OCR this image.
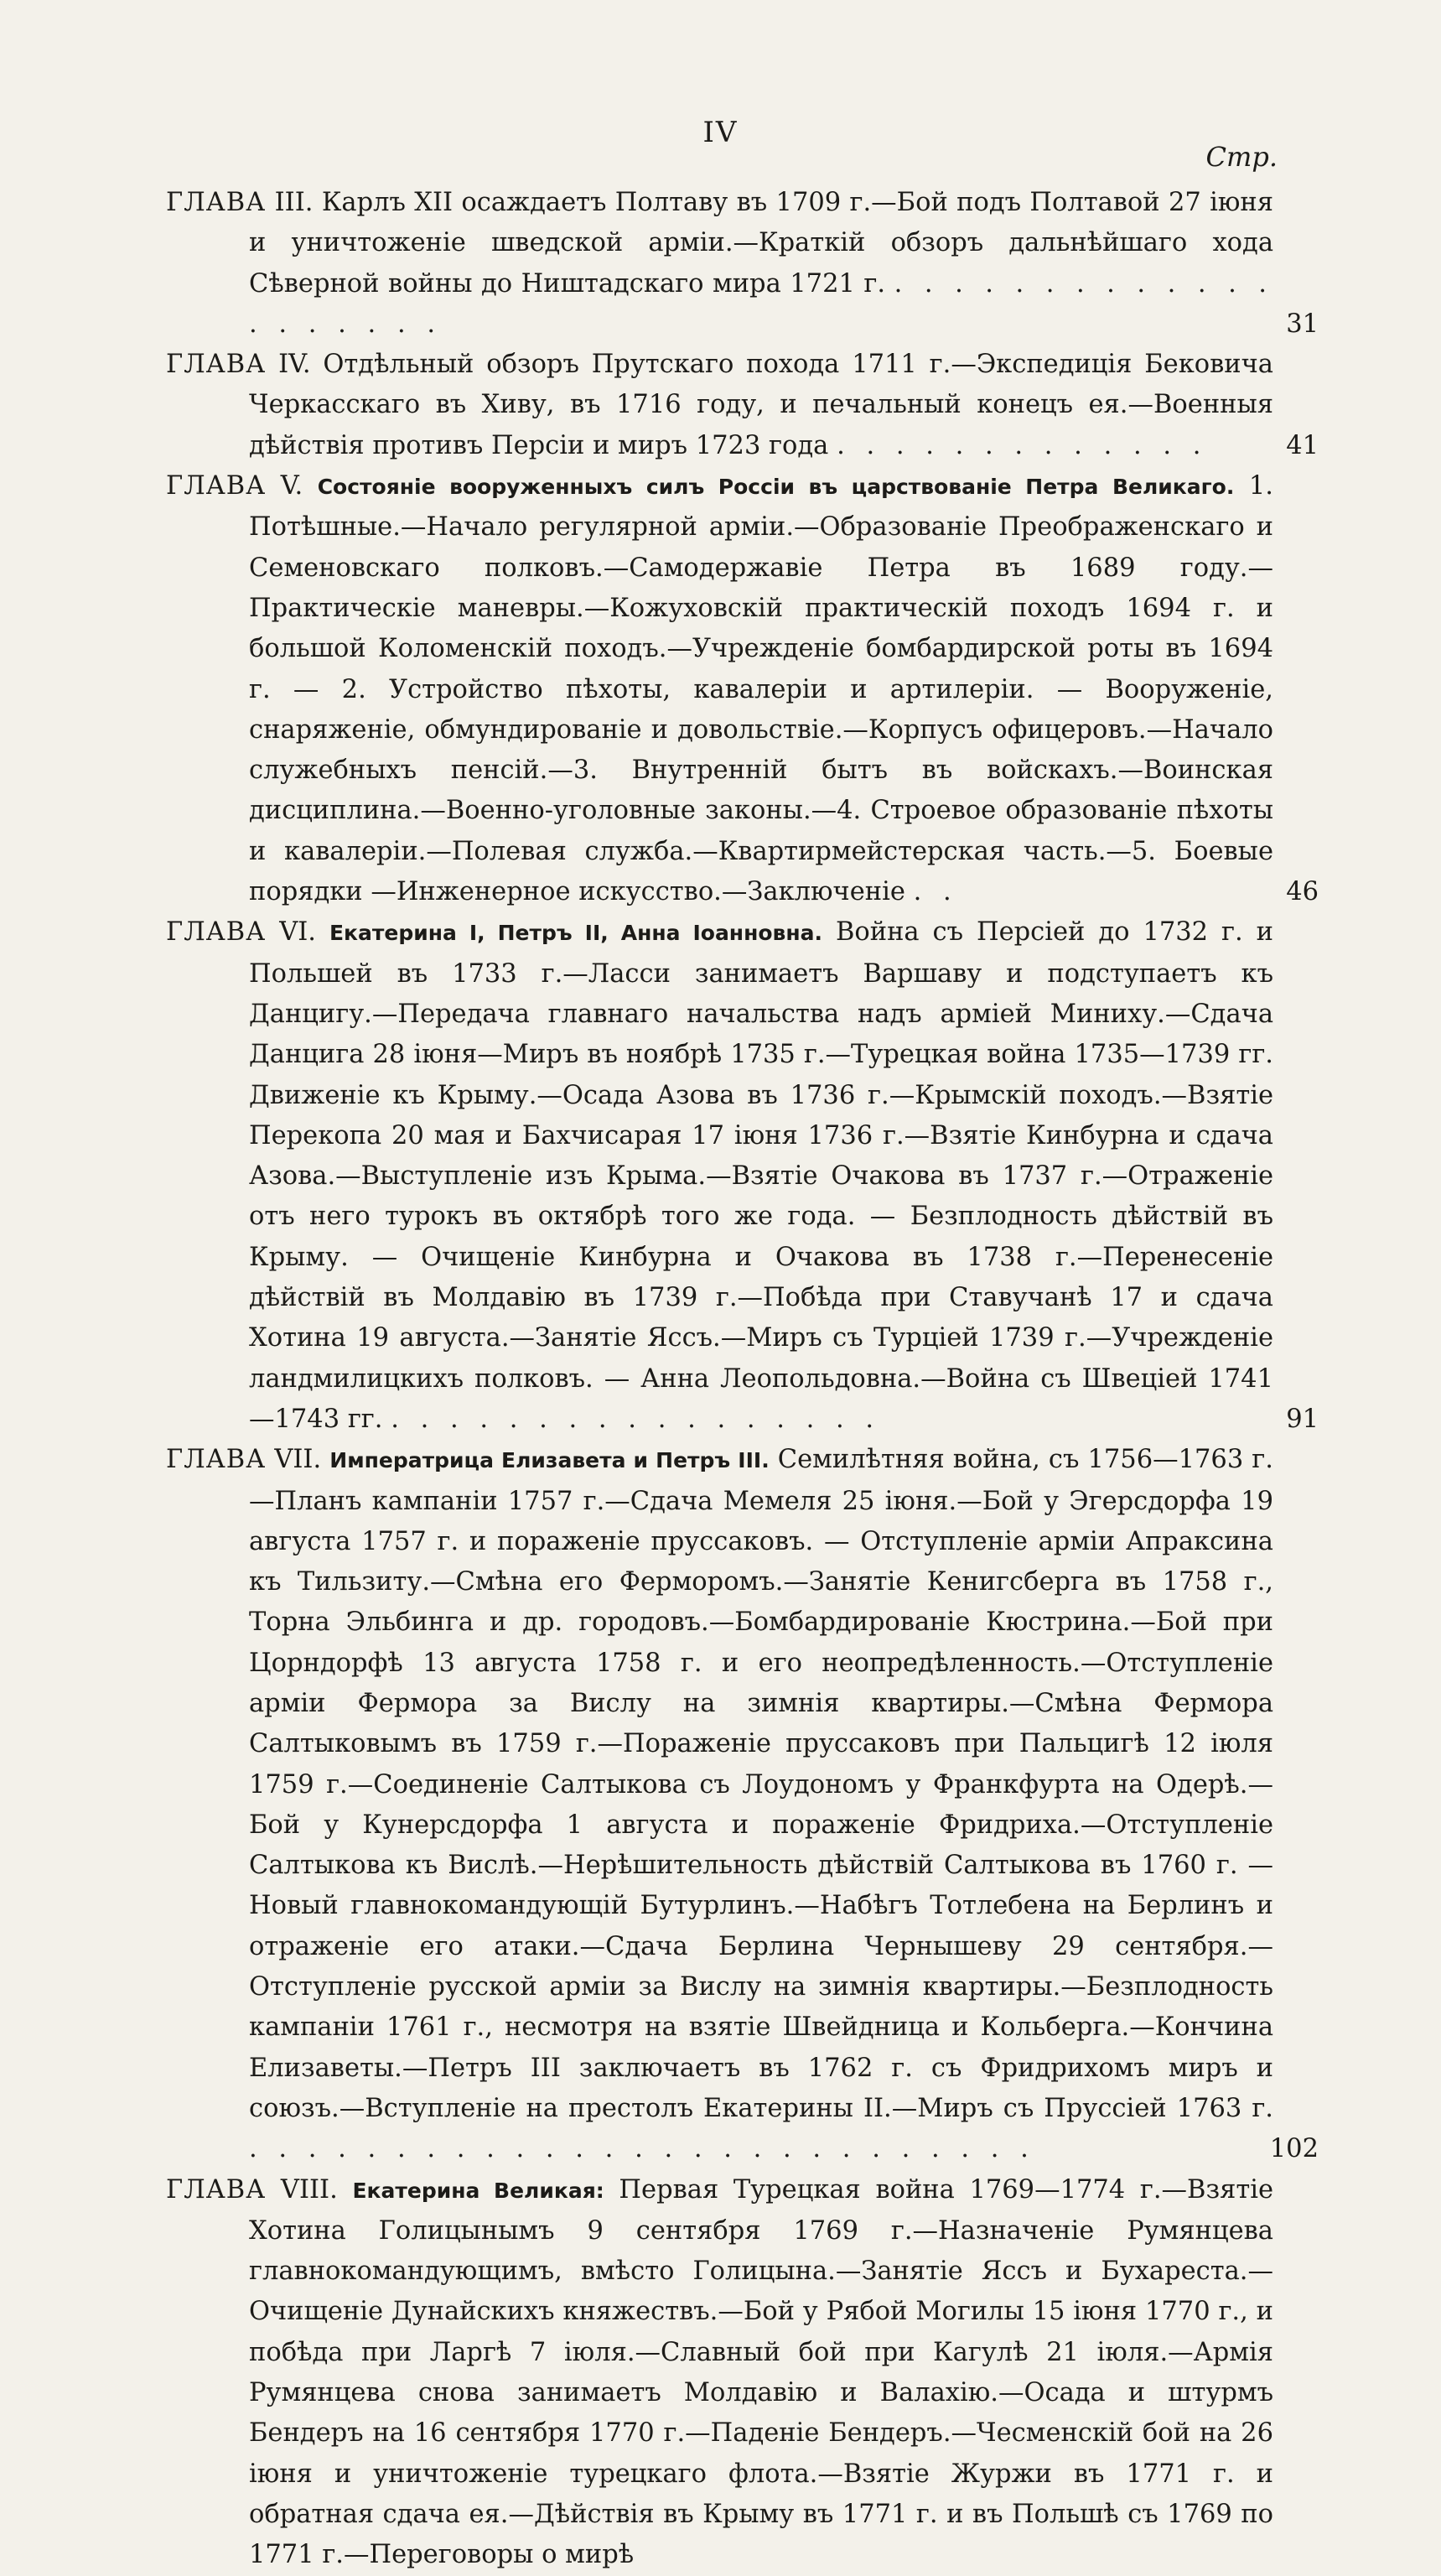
IV
Стр.

ГЛАВА III. Карлъ XII осаждаетъ Полтаву въ 1709 г.—Бой подъ Полтавой 27 іюня и уничтоженіе шведской арміи.—Краткій обзоръ дальнѣйшаго хода Сѣверной войны до Ништадскаго мира 1721 г. . . . . . . . . . . . . . . . . . . . .	31

ГЛАВА IV. Отдѣльный обзоръ Прутскаго похода 1711 г.—Экспедиція Бековича Черкасскаго въ Хиву, въ 1716 году, и печальный конецъ ея.—Военныя дѣйствія противъ Персіи и миръ 1723 года . . . . . . . . . . . . .	41

ГЛАВА V. Состояніе вооруженныхъ силъ Россіи въ царствованіе Петра Великаго. 1. Потѣшные.—Начало регулярной арміи.—Образованіе Преображенскаго и Семеновскаго полковъ.—Самодержавіе Петра въ 1689 году.—Практическіе маневры.—Кожуховскій практическій походъ 1694 г. и большой Коломенскій походъ.—Учрежденіе бомбардирской роты въ 1694 г. — 2. Устройство пѣхоты, кавалеріи и артилеріи. — Вооруженіе, снаряженіе, обмундированіе и довольствіе.—Корпусъ офицеровъ.—Начало служебныхъ пенсій.—3. Внутренній бытъ въ войскахъ.—Воинская дисциплина.—Военно-уголовные законы.—4. Строевое образованіе пѣхоты и кавалеріи.—Полевая служба.—Квартирмейстерская часть.—5. Боевые порядки —Инженерное искусство.—Заключеніе . .	46

ГЛАВА VI. Екатерина I, Петръ II, Анна Іоанновна. Война съ Персіей до 1732 г. и Польшей въ 1733 г.—Ласси занимаетъ Варшаву и подступаетъ къ Данцигу.—Передача главнаго начальства надъ арміей Миниху.—Сдача Данцига 28 іюня—Миръ въ ноябрѣ 1735 г.—Турецкая война 1735—1739 гг. Движеніе къ Крыму.—Осада Азова въ 1736 г.—Крымскій походъ.—Взятіе Перекопа 20 мая и Бахчисарая 17 іюня 1736 г.—Взятіе Кинбурна и сдача Азова.—Выступленіе изъ Крыма.—Взятіе Очакова въ 1737 г.—Отраженіе отъ него турокъ въ октябрѣ того же года. — Безплодность дѣйствій въ Крыму. — Очищеніе Кинбурна и Очакова въ 1738 г.—Перенесеніе дѣйствій въ Молдавію въ 1739 г.—Побѣда при Ставучанѣ 17 и сдача Хотина 19 августа.—Занятіе Яссъ.—Миръ съ Турціей 1739 г.—Учрежденіе ландмилицкихъ полковъ. — Анна Леопольдовна.—Война съ Швеціей 1741—1743 гг. . . . . . . . . . . . . . . . . .	91

ГЛАВА VII. Императрица Елизавета и Петръ III. Семилѣтняя война, съ 1756—1763 г.—Планъ кампаніи 1757 г.—Сдача Мемеля 25 іюня.—Бой у Эгерсдорфа 19 августа 1757 г. и пораженіе пруссаковъ. — Отступленіе арміи Апраксина къ Тильзиту.—Смѣна его Ферморомъ.—Занятіе Кенигсберга въ 1758 г., Торна Эльбинга и др. городовъ.—Бомбардированіе Кюстрина.—Бой при Цорндорфѣ 13 августа 1758 г. и его неопредѣленность.—Отступленіе арміи Фермора за Вислу на зимнія квартиры.—Смѣна Фермора Салтыковымъ въ 1759 г.—Пораженіе пруссаковъ при Пальцигѣ 12 іюля 1759 г.—Соединеніе Салтыкова съ Лоудономъ у Франкфурта на Одерѣ.—Бой у Кунерсдорфа 1 августа и пораженіе Фридриха.—Отступленіе Салтыкова къ Вислѣ.—Нерѣшительность дѣйствій Салтыкова въ 1760 г. — Новый главнокомандующій Бутурлинъ.—Набѣгъ Тотлебена на Берлинъ и отраженіе его атаки.—Сдача Берлина Чернышеву 29 сентября.—Отступленіе русской арміи за Вислу на зимнія квартиры.—Безплодность кампаніи 1761 г., несмотря на взятіе Швейдница и Кольберга.—Кончина Елизаветы.—Петръ III заключаетъ въ 1762 г. съ Фридрихомъ миръ и союзъ.—Вступленіе на престолъ Екатерины II.—Миръ съ Пруссіей 1763 г. . . . . . . . . . . . . . . . . . . . . . . . . . . .	102

ГЛАВА VIII. Екатерина Великая: Первая Турецкая война 1769—1774 г.—Взятіе Хотина Голицынымъ 9 сентября 1769 г.—Назначеніе Румянцева главнокомандующимъ, вмѣсто Голицына.—Занятіе Яссъ и Бухареста.—Очищеніе Дунайскихъ княжествъ.—Бой у Рябой Могилы 15 іюня 1770 г., и побѣда при Ларгѣ 7 іюля.—Славный бой при Кагулѣ 21 іюля.—Армія Румянцева снова занимаетъ Молдавію и Валахію.—Осада и штурмъ Бендеръ на 16 сентября 1770 г.—Паденіе Бендеръ.—Чесменскій бой на 26 іюня и уничтоженіе турецкаго флота.—Взятіе Журжи въ 1771 г. и обратная сдача ея.—Дѣйствія въ Крыму въ 1771 г. и въ Польшѣ съ 1769 по 1771 г.—Переговоры о мирѣ
